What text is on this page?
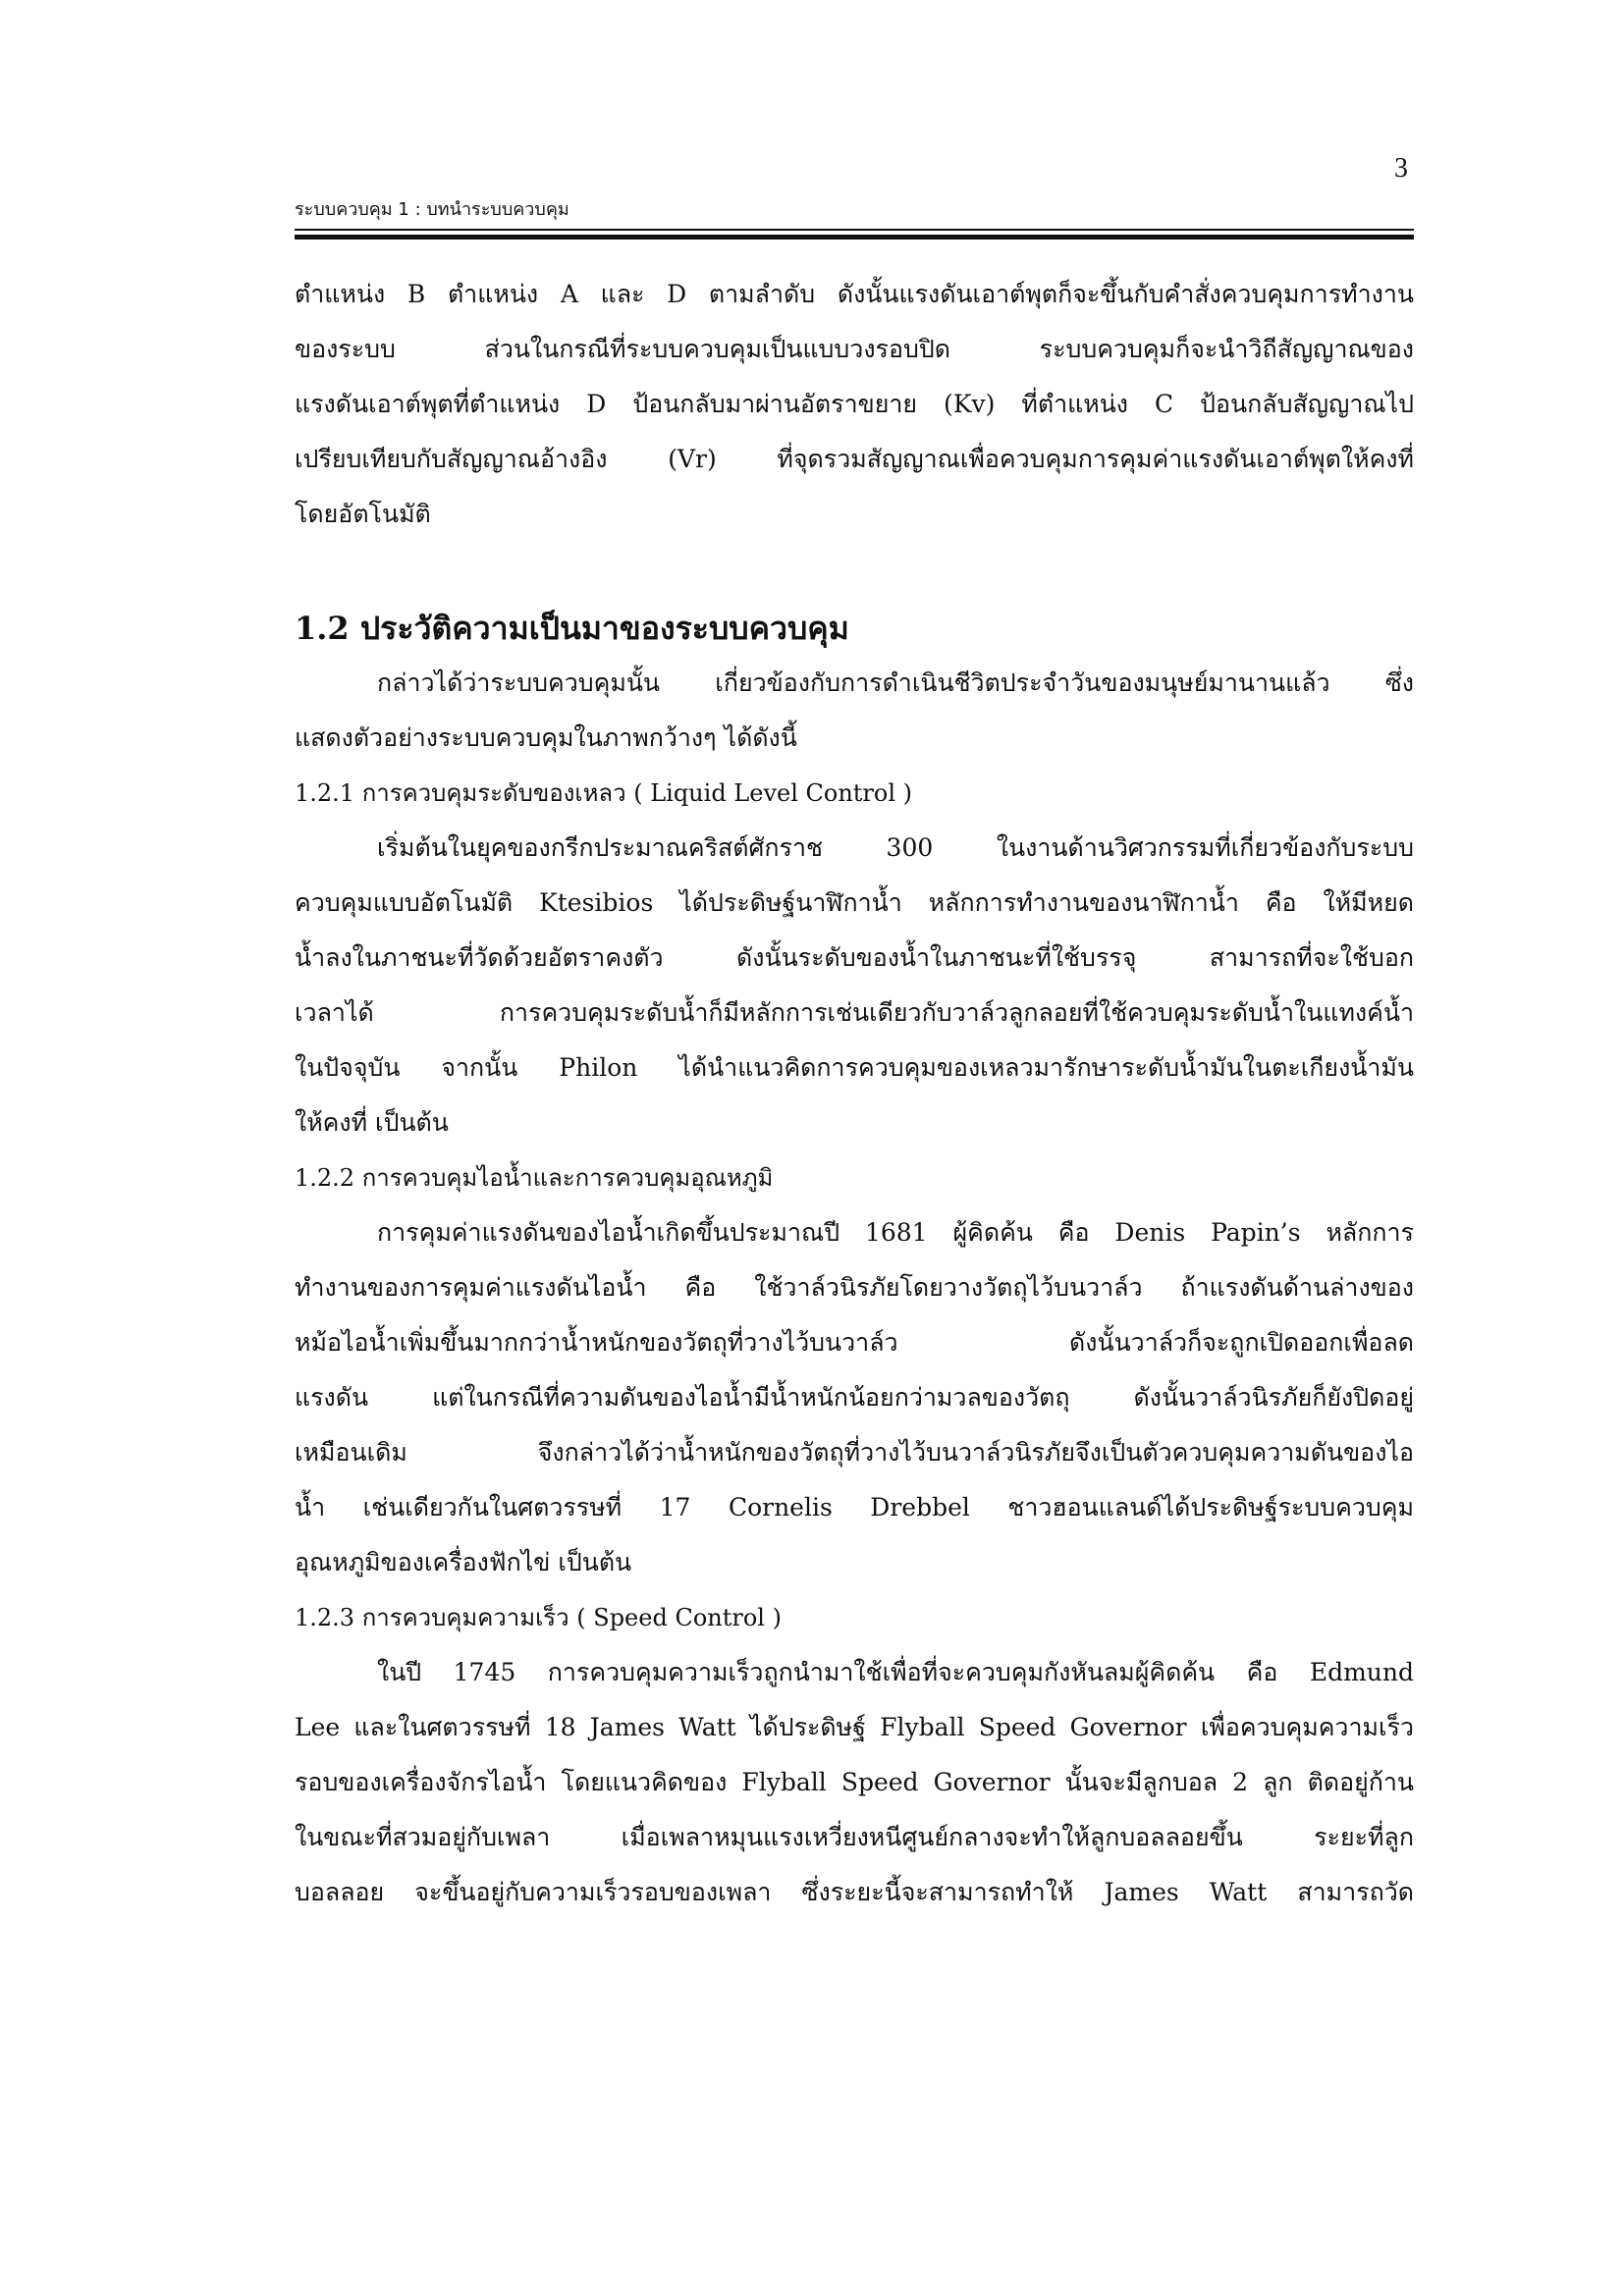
3
ระบบควบคุม 1 : บทนำระบบควบคุม
ตำแหน่ง B ตำแหน่ง A และ D ตามลำดับ ดังนั้นแรงดันเอาต์พุตก็จะขึ้นกับคำสั่งควบคุมการทำงาน
ของระบบ ส่วนในกรณีที่ระบบควบคุมเป็นแบบวงรอบปิด ระบบควบคุมก็จะนำวิถีสัญญาณของ
แรงดันเอาต์พุตที่ตำแหน่ง D ป้อนกลับมาผ่านอัตราขยาย (Kv) ที่ตำแหน่ง C ป้อนกลับสัญญาณไป
เปรียบเทียบกับสัญญาณอ้างอิง (Vr) ที่จุดรวมสัญญาณเพื่อควบคุมการคุมค่าแรงดันเอาต์พุตให้คงที่
โดยอัตโนมัติ
1.2 ประวัติความเป็นมาของระบบควบคุม
กล่าวได้ว่าระบบควบคุมนั้น เกี่ยวข้องกับการดำเนินชีวิตประจำวันของมนุษย์มานานแล้ว ซึ่ง
แสดงตัวอย่างระบบควบคุมในภาพกว้างๆ ได้ดังนี้
1.2.1 การควบคุมระดับของเหลว ( Liquid Level Control )
เริ่มต้นในยุคของกรีกประมาณคริสต์ศักราช 300 ในงานด้านวิศวกรรมที่เกี่ยวข้องกับระบบ
ควบคุมแบบอัตโนมัติ Ktesibios ได้ประดิษฐ์นาฬิกาน้ำ หลักการทำงานของนาฬิกาน้ำ คือ ให้มีหยด
น้ำลงในภาชนะที่วัดด้วยอัตราคงตัว ดังนั้นระดับของน้ำในภาชนะที่ใช้บรรจุ สามารถที่จะใช้บอก
เวลาได้ การควบคุมระดับน้ำก็มีหลักการเช่นเดียวกับวาล์วลูกลอยที่ใช้ควบคุมระดับน้ำในแทงค์น้ำ
ในปัจจุบัน จากนั้น Philon ได้นำแนวคิดการควบคุมของเหลวมารักษาระดับน้ำมันในตะเกียงน้ำมัน
ให้คงที่ เป็นต้น
1.2.2 การควบคุมไอน้ำและการควบคุมอุณหภูมิ
การคุมค่าแรงดันของไอน้ำเกิดขึ้นประมาณปี 1681 ผู้คิดค้น คือ Denis Papin’s หลักการ
ทำงานของการคุมค่าแรงดันไอน้ำ คือ ใช้วาล์วนิรภัยโดยวางวัตถุไว้บนวาล์ว ถ้าแรงดันด้านล่างของ
หม้อไอน้ำเพิ่มขึ้นมากกว่าน้ำหนักของวัตถุที่วางไว้บนวาล์ว ดังนั้นวาล์วก็จะถูกเปิดออกเพื่อลด
แรงดัน แต่ในกรณีที่ความดันของไอน้ำมีน้ำหนักน้อยกว่ามวลของวัตถุ ดังนั้นวาล์วนิรภัยก็ยังปิดอยู่
เหมือนเดิม จึงกล่าวได้ว่าน้ำหนักของวัตถุที่วางไว้บนวาล์วนิรภัยจึงเป็นตัวควบคุมความดันของไอ
น้ำ เช่นเดียวกันในศตวรรษที่ 17 Cornelis Drebbel ชาวฮอนแลนด์ได้ประดิษฐ์ระบบควบคุม
อุณหภูมิของเครื่องฟักไข่ เป็นต้น
1.2.3 การควบคุมความเร็ว ( Speed Control )
ในปี 1745 การควบคุมความเร็วถูกนำมาใช้เพื่อที่จะควบคุมกังหันลมผู้คิดค้น คือ Edmund
Lee และในศตวรรษที่ 18 James Watt ได้ประดิษฐ์ Flyball Speed Governor เพื่อควบคุมความเร็ว
รอบของเครื่องจักรไอน้ำ โดยแนวคิดของ Flyball Speed Governor นั้นจะมีลูกบอล 2 ลูก ติดอยู่ก้าน
ในขณะที่สวมอยู่กับเพลา เมื่อเพลาหมุนแรงเหวี่ยงหนีศูนย์กลางจะทำให้ลูกบอลลอยขึ้น ระยะที่ลูก
บอลลอย จะขึ้นอยู่กับความเร็วรอบของเพลา ซึ่งระยะนี้จะสามารถทำให้ James Watt สามารถวัด
